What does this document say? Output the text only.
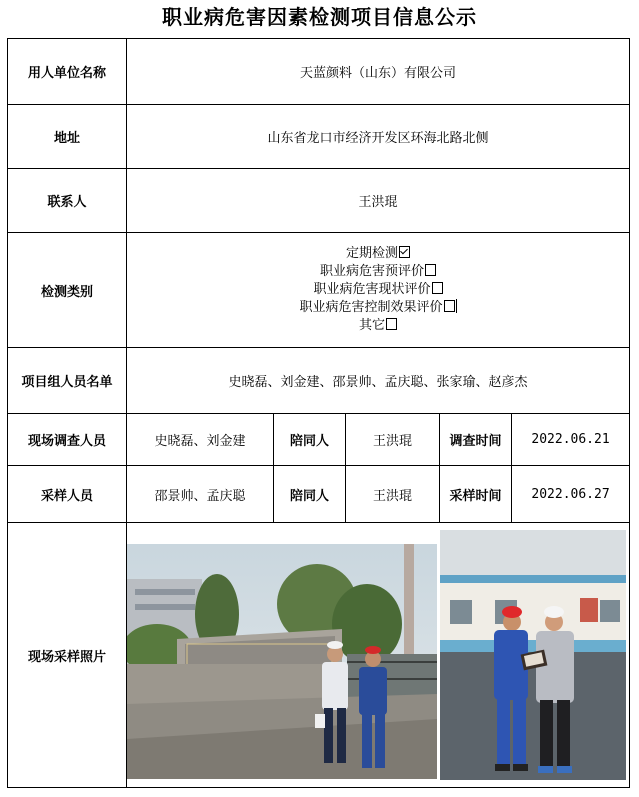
职业病危害因素检测项目信息公示
用人单位名称	天蓝颜料（山东）有限公司				
地址	山东省龙口市经济开发区环海北路北侧				
联系人	王洪琨				
检测类别	定期检测
职业病危害预评价
职业病危害现状评价
职业病危害控制效果评价
其它				

项目组人员名单	史晓磊、刘金建、邵景帅、孟庆聪、张家瑜、赵彦杰				
现场调查人员	史晓磊、刘金建	陪同人	王洪琨	调查时间	2022.06.21
采样人员	邵景帅、孟庆聪	陪同人	王洪琨	采样时间	2022.06.27
现场采样照片	
